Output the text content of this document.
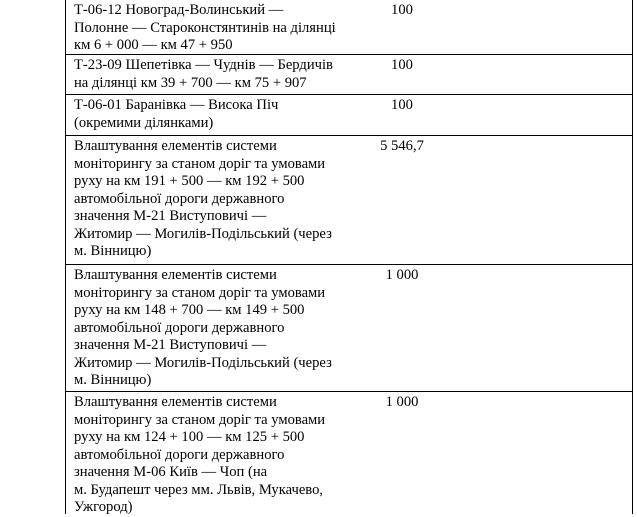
Т-06-12 Новоград-Волинський —
Полонне — Староконстянтинів на ділянці
км 6 + 000 — км 47 + 950
100
Т-23-09 Шепетівка — Чуднів — Бердичів
на ділянці км 39 + 700 — км 75 + 907
100
Т-06-01 Баранівка — Висока Піч
(окремими ділянками)
100
Влаштування елементів системи
моніторингу за станом доріг та умовами
руху на км 191 + 500 — км 192 + 500
автомобільної дороги державного
значення М-21 Виступовичі —
Житомир — Могилів-Подільський (через
м. Вінницю)
5 546,7
Влаштування елементів системи
моніторингу за станом доріг та умовами
руху на км 148 + 700 — км 149 + 500
автомобільної дороги державного
значення М-21 Виступовичі —
Житомир — Могилів-Подільський (через
м. Вінницю)
1 000
Влаштування елементів системи
моніторингу за станом доріг та умовами
руху на км 124 + 100 — км 125 + 500
автомобільної дороги державного
значення М-06 Київ — Чоп (на
м. Будапешт через мм. Львів, Мукачево,
Ужгород)
1 000
